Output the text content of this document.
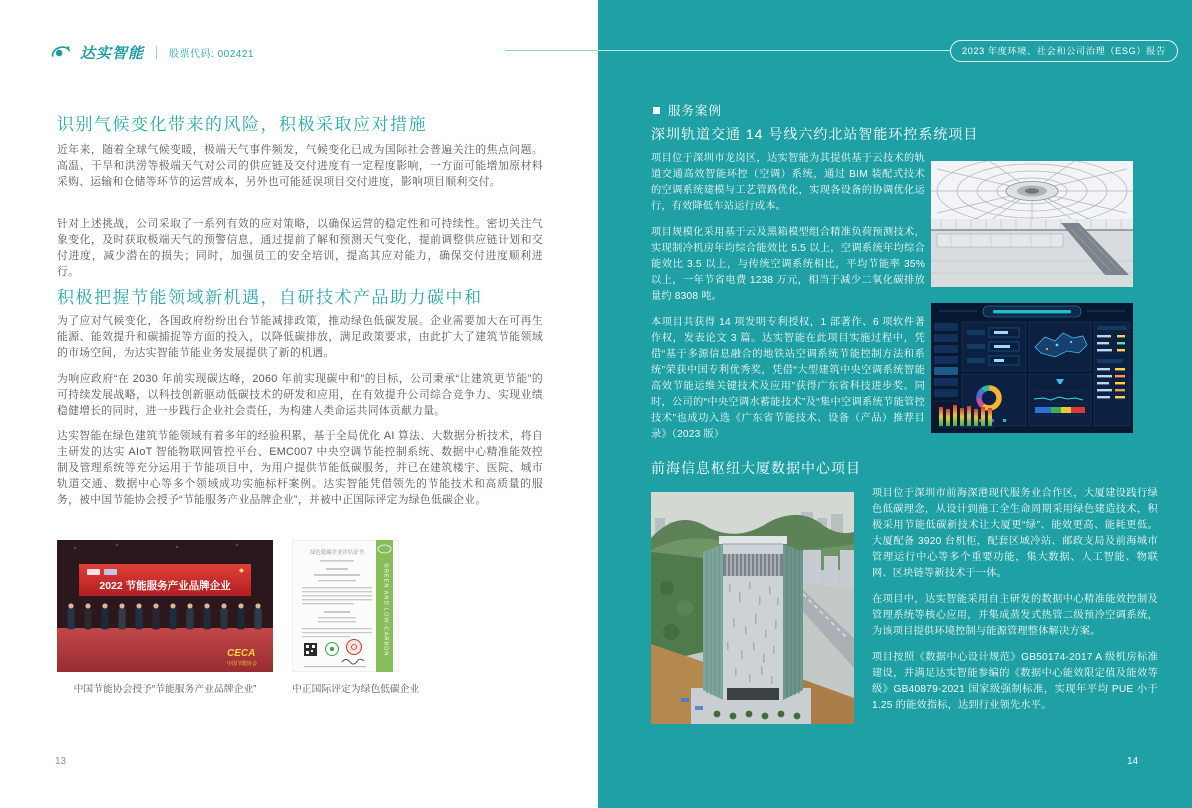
达实智能	股票代码: 002421
识别气候变化带来的风险，积极采取应对措施

近年来，随着全球气候变暖，极端天气事件频发，气候变化已成为国际社会普遍关注的焦点问题。高温、干旱和洪涝等极端天气对公司的供应链及交付进度有一定程度影响，一方面可能增加原材料采购、运输和仓储等环节的运营成本，另外也可能延误项目交付进度，影响项目顺利交付。

针对上述挑战，公司采取了一系列有效的应对策略，以确保运营的稳定性和可持续性。密切关注气象变化，及时获取极端天气的预警信息，通过提前了解和预测天气变化，提前调整供应链计划和交付进度，减少潜在的损失；同时，加强员工的安全培训，提高其应对能力，确保交付进度顺利进行。

积极把握节能领域新机遇，自研技术产品助力碳中和

为了应对气候变化，各国政府纷纷出台节能减排政策，推动绿色低碳发展。企业需要加大在可再生能源、能效提升和碳捕捉等方面的投入，以降低碳排放，满足政策要求，由此扩大了建筑节能领域的市场空间，为达实智能节能业务发展提供了新的机遇。

为响应政府“在 2030 年前实现碳达峰，2060 年前实现碳中和”的目标，公司秉承“让建筑更节能”的可持续发展战略，以科技创新驱动低碳技术的研发和应用，在有效提升公司综合竞争力、实现业绩稳健增长的同时，进一步践行企业社会责任，为构建人类命运共同体贡献力量。

达实智能在绿色建筑节能领域有着多年的经验积累，基于全局优化 AI 算法、大数据分析技术，将自主研发的达实 AIoT 智能物联网管控平台、EMC007 中央空调节能控制系统、数据中心精准能效控制及管理系统等充分运用于节能项目中，为用户提供节能低碳服务，并已在建筑楼宇、医院、城市轨道交通、数据中心等多个领域成功实施标杆案例。达实智能凭借领先的节能技术和高质量的服务，被中国节能协会授予“节能服务产业品牌企业”，并被中正国际评定为绿色低碳企业。

2022 节能服务产业品牌企业
CECA
中国节能协会
中国节能协会授予“节能服务产业品牌企业”
绿色低碳企业评估证书
GREEN AND LOW-CARBON
中正国际评定为绿色低碳企业
13
2023 年度环境、社会和公司治理（ESG）报告
服务案例
深圳轨道交通 14 号线六约北站智能环控系统项目

项目位于深圳市龙岗区，达实智能为其提供基于云技术的轨道交通高效智能环控（空调）系统，通过 BIM 装配式技术的空调系统建模与工艺管路优化，实现各设备的协调优化运行，有效降低车站运行成本。

项目规模化采用基于云及黑箱模型组合精准负荷预测技术，实现制冷机房年均综合能效比 5.5 以上，空调系统年均综合能效比 3.5 以上，与传统空调系统相比，平均节能率 35% 以上，一年节省电费 1238 万元，相当于减少二氧化碳排放量约 8308 吨。

本项目共获得 14 项发明专利授权，1 部著作、6 项软件著作权，发表论文 3 篇。达实智能在此项目实施过程中，凭借“基于多源信息融合的地铁站空调系统节能控制方法和系统”荣获中国专利优秀奖，凭借“大型建筑中央空调系统智能高效节能运维关键技术及应用”获得广东省科技进步奖。同时，公司的“中央空调水蓄能技术”及“集中空调系统节能管控技术”也成功入选《广东省节能技术、设备（产品）推荐目录》（2023 版）

前海信息枢纽大厦数据中心项目

项目位于深圳市前海深港现代服务业合作区，大厦建设践行绿色低碳理念，从设计到施工全生命周期采用绿色建造技术，积极采用节能低碳新技术让大厦更“绿”、能效更高、能耗更低。大厦配备 3920 台机柜，配套区域冷站、邮政支局及前海城市管理运行中心等多个重要功能，集大数据、人工智能、物联网、区块链等新技术于一体。

在项目中，达实智能采用自主研发的数据中心精准能效控制及管理系统等核心应用，并集成蒸发式热管二级预冷空调系统，为该项目提供环境控制与能源管理整体解决方案。

项目按照《数据中心设计规范》GB50174-2017 A 级机房标准建设，并满足达实智能参编的《数据中心能效限定值及能效等级》GB40879-2021 国家级强制标准，实现年平均 PUE 小于 1.25 的能效指标，达到行业领先水平。

14
